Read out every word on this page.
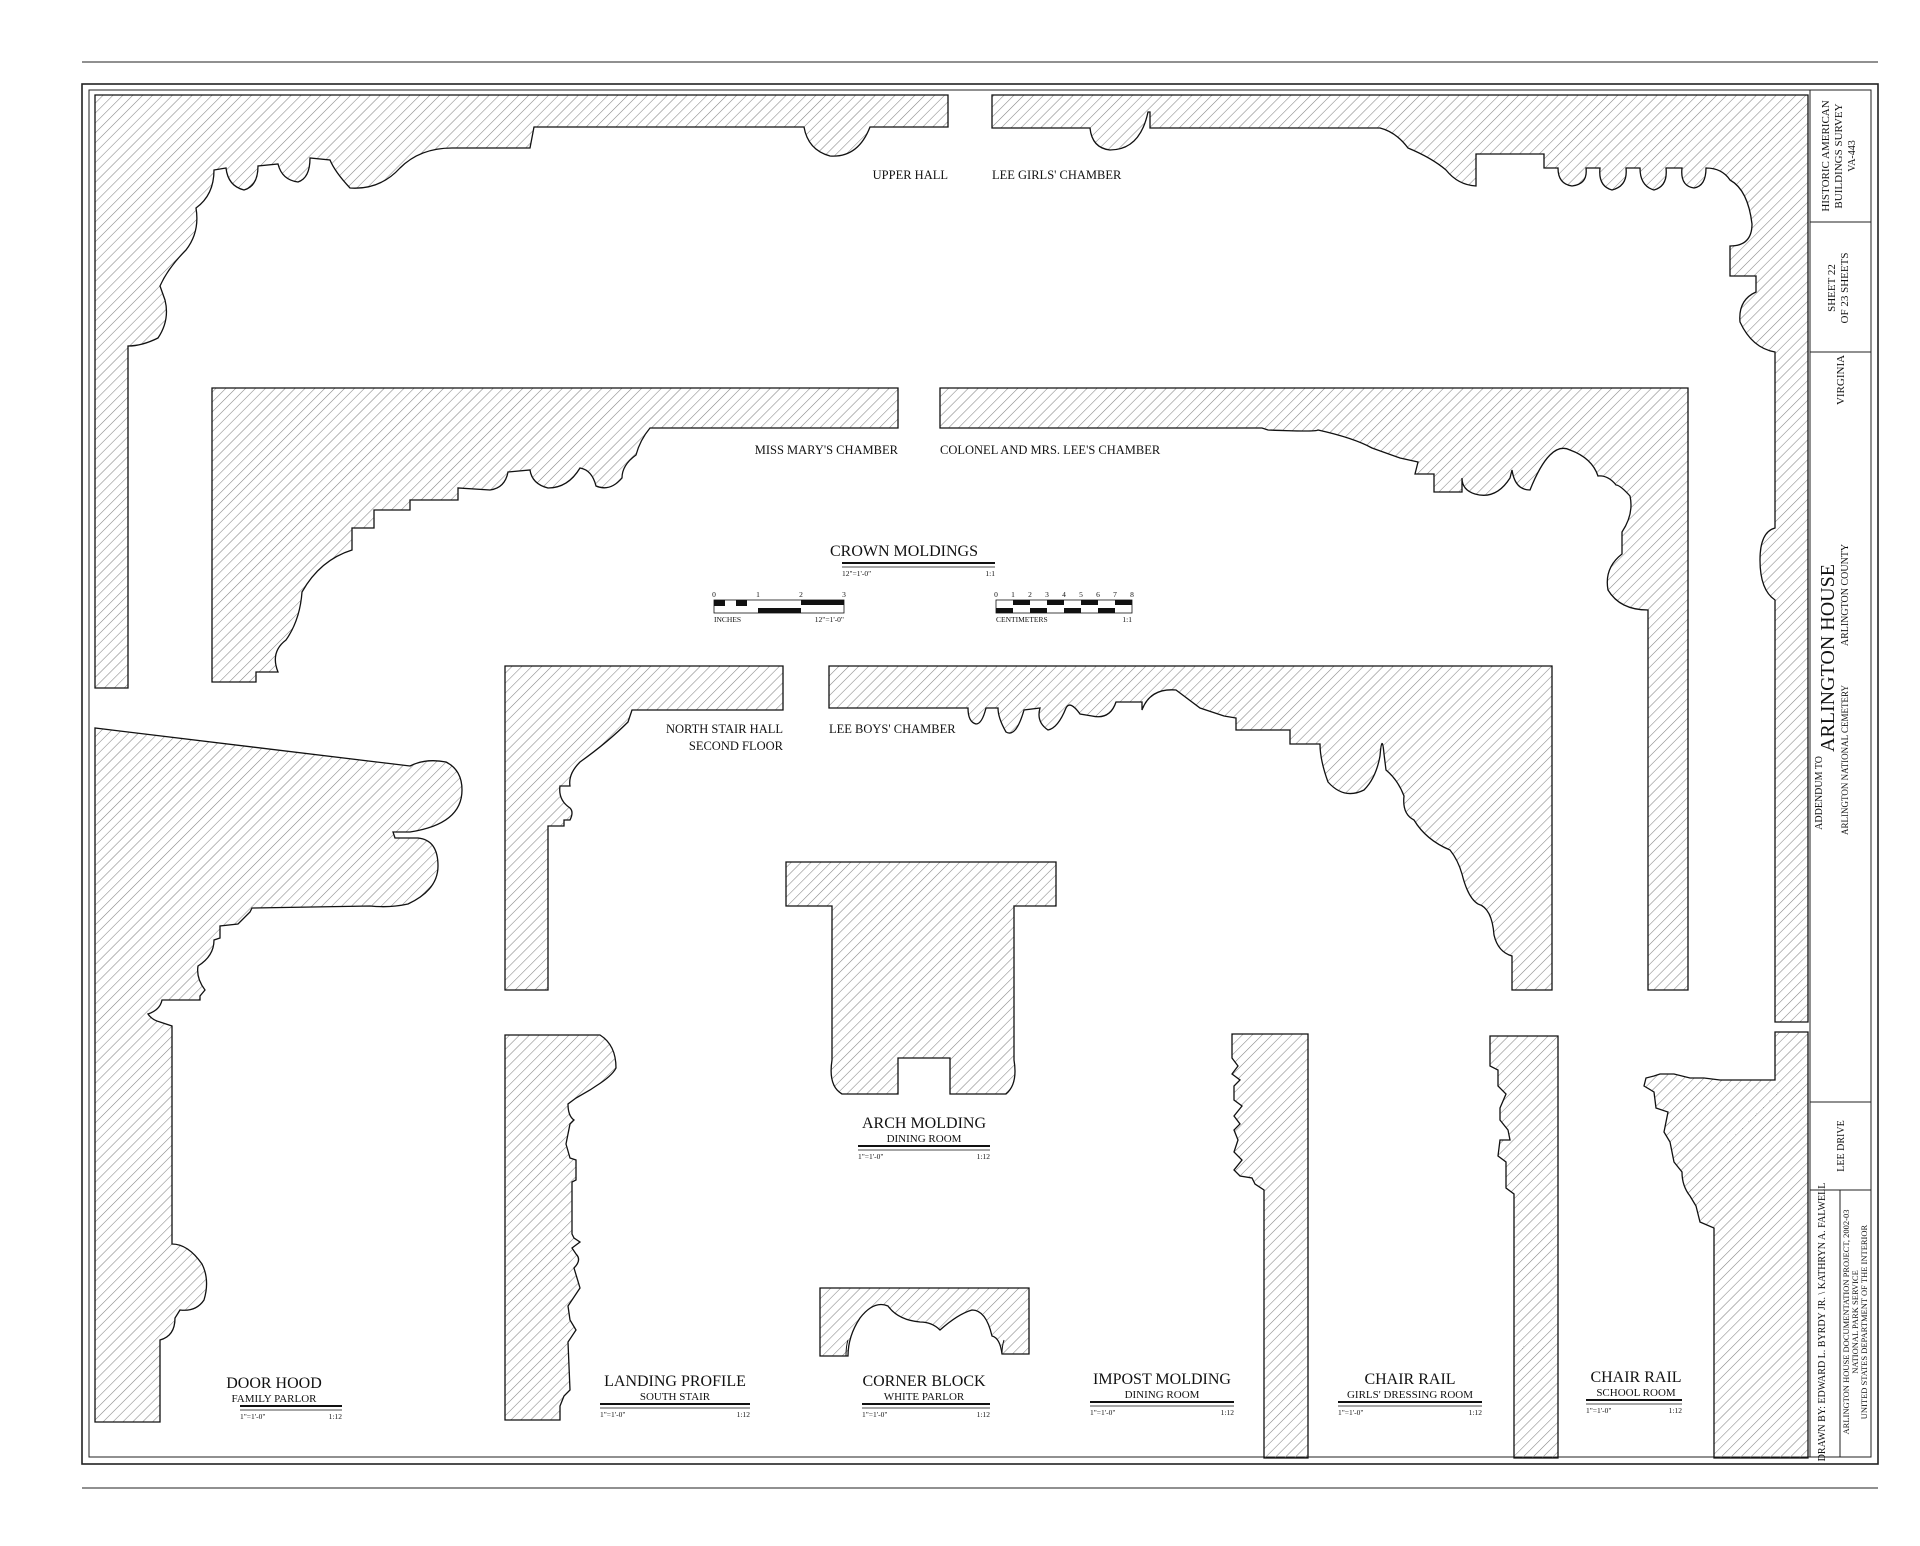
UPPER HALL	LEE GIRLS' CHAMBER
MISS MARY'S CHAMBER	COLONEL AND MRS. LEE'S CHAMBER
NORTH STAIR HALL
SECOND FLOOR
LEE BOYS' CHAMBER
CROWN MOLDINGS
12"=1'-0"	1:1
0	1	2	3
INCHES	12"=1'-0"
0 1 2 3 4 5 6 7 8
CENTIMETERS	1:1
ARCH MOLDING
DINING ROOM
1"=1'-0"	1:12
DOOR HOOD
FAMILY PARLOR
1"=1'-0"	1:12
LANDING PROFILE
SOUTH STAIR
1"=1'-0"	1:12
CORNER BLOCK
WHITE PARLOR
1"=1'-0"	1:12
IMPOST MOLDING
DINING ROOM
1"=1'-0"	1:12
CHAIR RAIL
GIRLS' DRESSING ROOM
1"=1'-0"	1:12
CHAIR RAIL
SCHOOL ROOM
1"=1'-0"	1:12
HISTORIC AMERICAN BUILDINGS SURVEY VA-443
SHEET 22 OF 23 SHEETS
VIRGINIA
ARLINGTON COUNTY
ADDENDUM TO
ARLINGTON HOUSE
ARLINGTON NATIONAL CEMETERY
LEE DRIVE
DRAWN BY: EDWARD L. BYRDY JR. \ KATHRYN A. FALWELL ARLINGTON HOUSE DOCUMENTATION PROJECT, 2002-03 NATIONAL PARK SERVICE UNITED STATES DEPARTMENT OF THE INTERIOR
